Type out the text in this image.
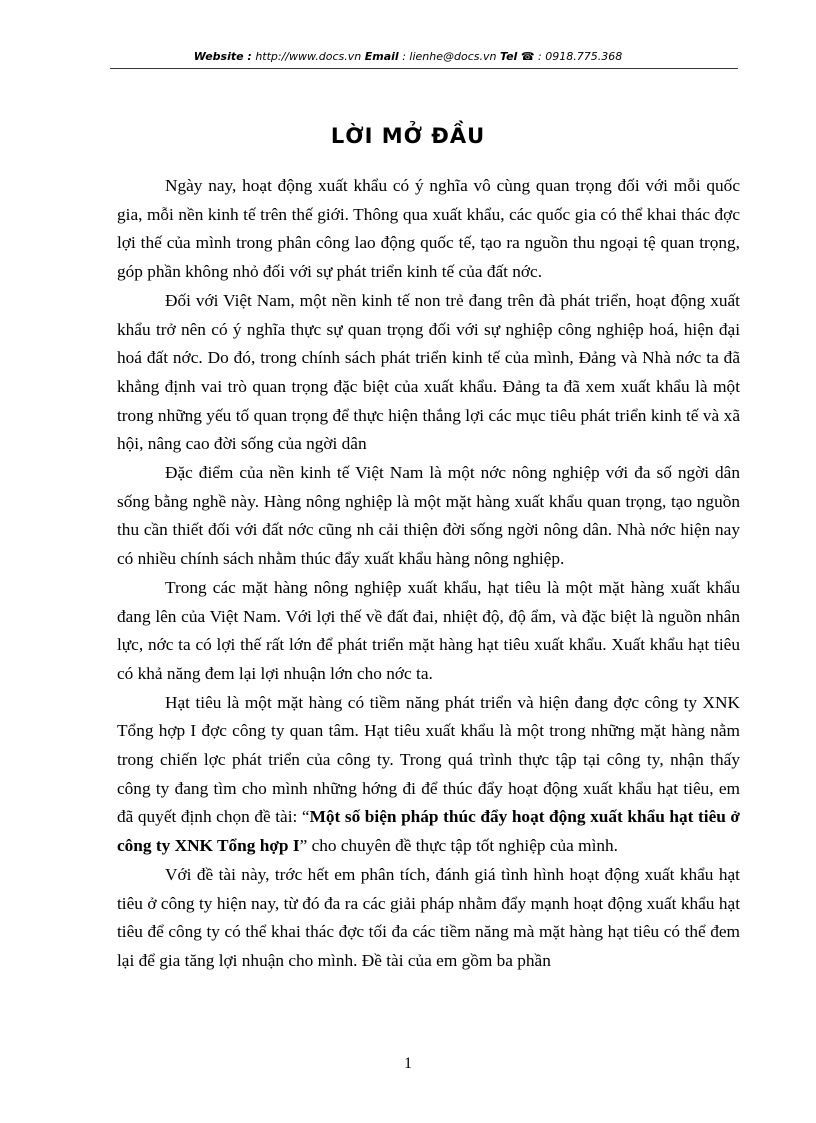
Website : http://www.docs.vn Email : lienhe@docs.vn Tel ☎ : 0918.775.368
LỜI MỞ ĐẦU

Ngày nay, hoạt động xuất khẩu có ý nghĩa vô cùng quan trọng đối với mỗi quốc gia, mỗi nền kinh tế trên thế giới. Thông qua xuất khẩu, các quốc gia có thể khai thác đợc lợi thế của mình trong phân công lao động quốc tế, tạo ra nguồn thu ngoại tệ quan trọng, góp phần không nhỏ đối với sự phát triển kinh tế của đất nớc.

Đối với Việt Nam, một nền kinh tế non trẻ đang trên đà phát triển, hoạt động xuất khẩu trở nên có ý nghĩa thực sự quan trọng đối với sự nghiệp công nghiệp hoá, hiện đại hoá đất nớc. Do đó, trong chính sách phát triển kinh tế của mình, Đảng và Nhà nớc ta đã khẳng định vai trò quan trọng đặc biệt của xuất khẩu. Đảng ta đã xem xuất khẩu là một trong những yếu tố quan trọng để thực hiện thắng lợi các mục tiêu phát triển kinh tế và xã hội, nâng cao đời sống của ngời dân

Đặc điểm của nền kinh tế Việt Nam là một nớc nông nghiệp với đa số ngời dân sống bằng nghề này. Hàng nông nghiệp là một mặt hàng xuất khẩu quan trọng, tạo nguồn thu cần thiết đối với đất nớc cũng nh cải thiện đời sống ngời nông dân. Nhà nớc hiện nay có nhiều chính sách nhằm thúc đẩy xuất khẩu hàng nông nghiệp.

Trong các mặt hàng nông nghiệp xuất khẩu, hạt tiêu là một mặt hàng xuất khẩu đang lên của Việt Nam. Với lợi thế về đất đai, nhiệt độ, độ ẩm, và đặc biệt là nguồn nhân lực, nớc ta có lợi thế rất lớn để phát triển mặt hàng hạt tiêu xuất khẩu. Xuất khẩu hạt tiêu có khả năng đem lại lợi nhuận lớn cho nớc ta.

Hạt tiêu là một mặt hàng có tiềm năng phát triển và hiện đang đợc công ty XNK Tổng hợp I đợc công ty quan tâm. Hạt tiêu xuất khẩu là một trong những mặt hàng nằm trong chiến lợc phát triển của công ty. Trong quá trình thực tập tại công ty, nhận thấy công ty đang tìm cho mình những hớng đi để thúc đẩy hoạt động xuất khẩu hạt tiêu, em đã quyết định chọn đề tài: “Một số biện pháp thúc đẩy hoạt động xuất khẩu hạt tiêu ở công ty XNK Tổng hợp I” cho chuyên đề thực tập tốt nghiệp của mình.

Với đề tài này, trớc hết em phân tích, đánh giá tình hình hoạt động xuất khẩu hạt tiêu ở công ty hiện nay, từ đó đa ra các giải pháp nhằm đẩy mạnh hoạt động xuất khẩu hạt tiêu để công ty có thể khai thác đợc tối đa các tiềm năng mà mặt hàng hạt tiêu có thể đem lại để gia tăng lợi nhuận cho mình. Đề tài của em gồm ba phần

1
